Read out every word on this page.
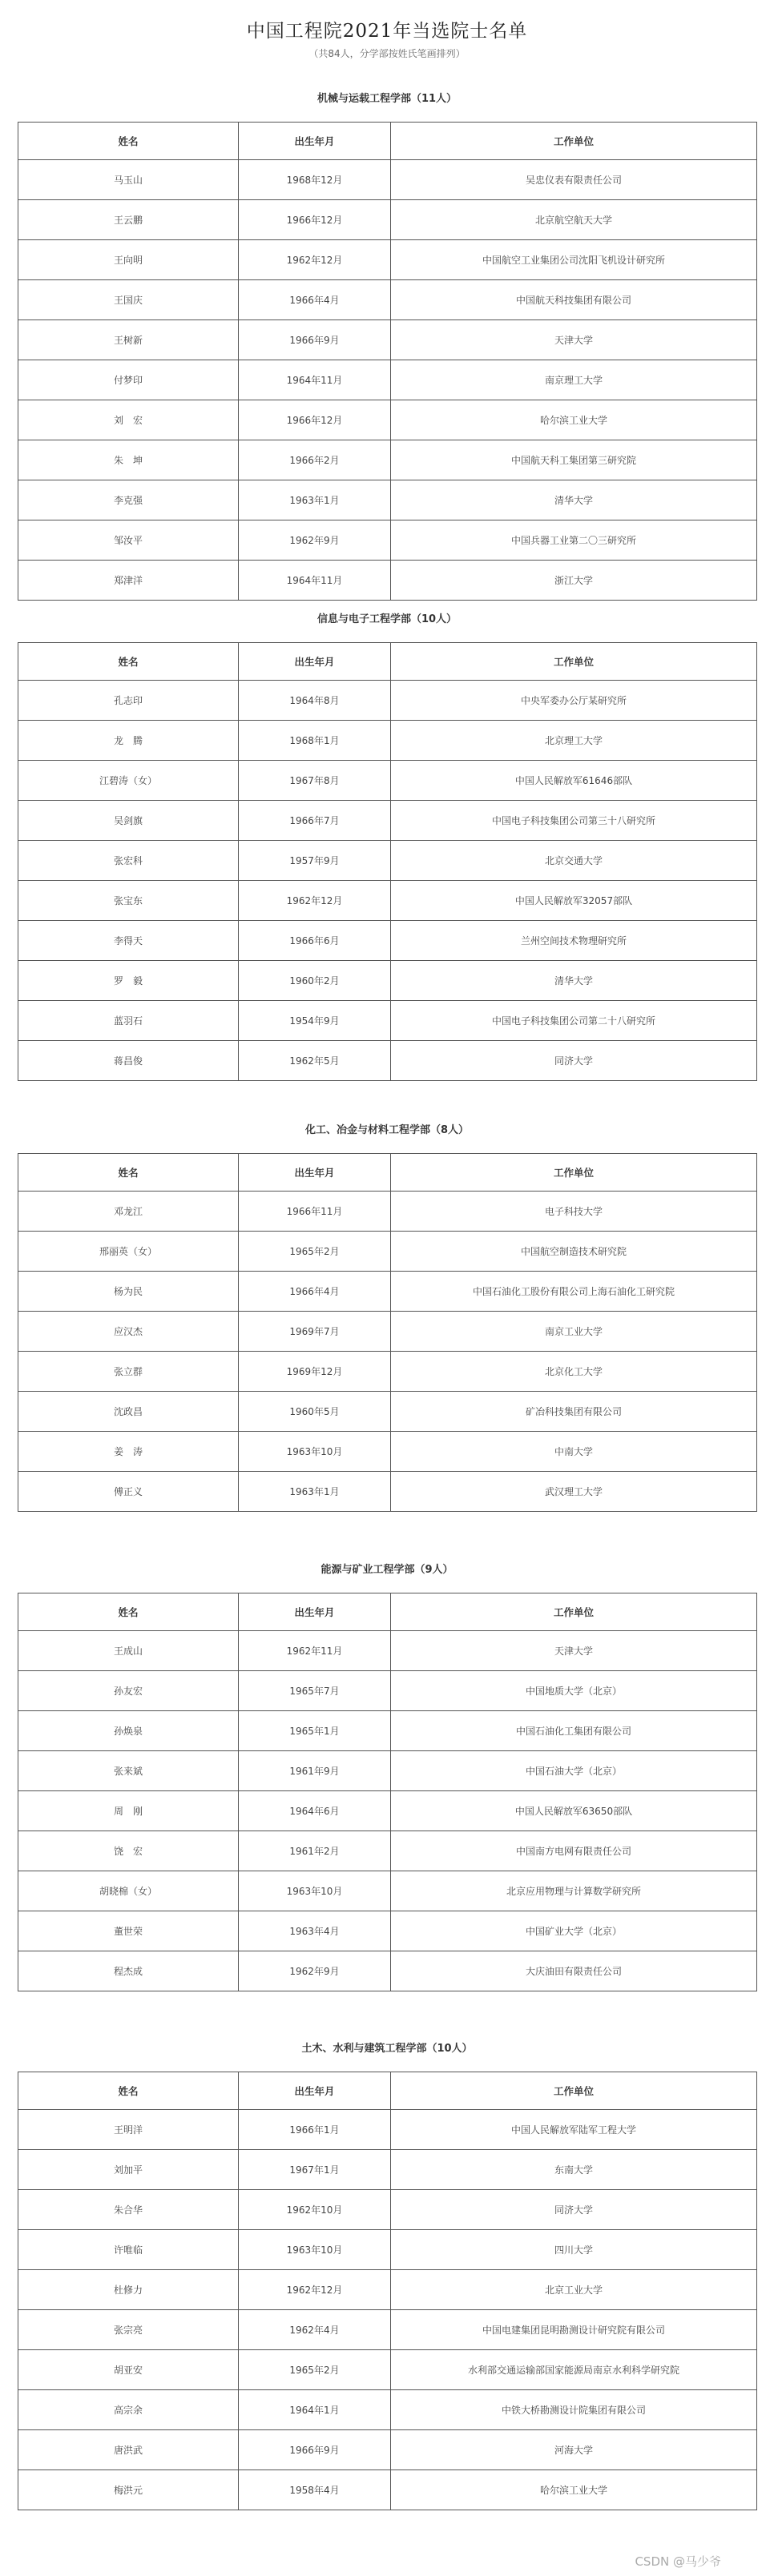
中国工程院2021年当选院士名单
（共84人，分学部按姓氏笔画排列）
机械与运载工程学部（11人）
姓名	出生年月	工作单位
马玉山	1968年12月	吴忠仪表有限责任公司
王云鹏	1966年12月	北京航空航天大学
王向明	1962年12月	中国航空工业集团公司沈阳飞机设计研究所
王国庆	1966年4月	中国航天科技集团有限公司
王树新	1966年9月	天津大学
付梦印	1964年11月	南京理工大学
刘　宏	1966年12月	哈尔滨工业大学
朱　坤	1966年2月	中国航天科工集团第三研究院
李克强	1963年1月	清华大学
邹汝平	1962年9月	中国兵器工业第二〇三研究所
郑津洋	1964年11月	浙江大学
信息与电子工程学部（10人）
姓名	出生年月	工作单位
孔志印	1964年8月	中央军委办公厅某研究所
龙　腾	1968年1月	北京理工大学
江碧涛（女）	1967年8月	中国人民解放军61646部队
吴剑旗	1966年7月	中国电子科技集团公司第三十八研究所
张宏科	1957年9月	北京交通大学
张宝东	1962年12月	中国人民解放军32057部队
李得天	1966年6月	兰州空间技术物理研究所
罗　毅	1960年2月	清华大学
蓝羽石	1954年9月	中国电子科技集团公司第二十八研究所
蒋昌俊	1962年5月	同济大学
化工、冶金与材料工程学部（8人）
姓名	出生年月	工作单位
邓龙江	1966年11月	电子科技大学
邢丽英（女）	1965年2月	中国航空制造技术研究院
杨为民	1966年4月	中国石油化工股份有限公司上海石油化工研究院
应汉杰	1969年7月	南京工业大学
张立群	1969年12月	北京化工大学
沈政昌	1960年5月	矿冶科技集团有限公司
姜　涛	1963年10月	中南大学
傅正义	1963年1月	武汉理工大学
能源与矿业工程学部（9人）
姓名	出生年月	工作单位
王成山	1962年11月	天津大学
孙友宏	1965年7月	中国地质大学（北京）
孙焕泉	1965年1月	中国石油化工集团有限公司
张来斌	1961年9月	中国石油大学（北京）
周　刚	1964年6月	中国人民解放军63650部队
饶　宏	1961年2月	中国南方电网有限责任公司
胡晓棉（女）	1963年10月	北京应用物理与计算数学研究所
董世荣	1963年4月	中国矿业大学（北京）
程杰成	1962年9月	大庆油田有限责任公司
土木、水利与建筑工程学部（10人）
姓名	出生年月	工作单位
王明洋	1966年1月	中国人民解放军陆军工程大学
刘加平	1967年1月	东南大学
朱合华	1962年10月	同济大学
许唯临	1963年10月	四川大学
杜修力	1962年12月	北京工业大学
张宗亮	1962年4月	中国电建集团昆明勘测设计研究院有限公司
胡亚安	1965年2月	水利部交通运输部国家能源局南京水利科学研究院
高宗余	1964年1月	中铁大桥勘测设计院集团有限公司
唐洪武	1966年9月	河海大学
梅洪元	1958年4月	哈尔滨工业大学
CSDN @马少爷
